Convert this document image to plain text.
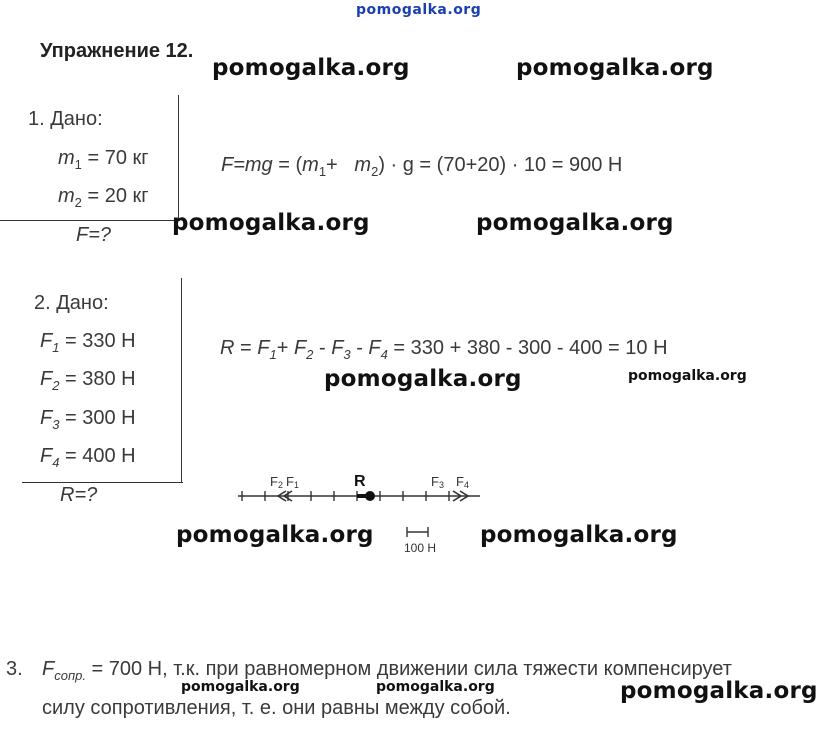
pomogalka.org
Упражнение 12.
1. Дано:
$m_1 = 70$ кг
$m_2 = 20$ кг
F=?
$F=mg = (m_1+ m_2) \cdot g = (70+20) \cdot 10 = 900$ Н
2. Дано:
$F_1 = 330$ Н
$F_2 = 380$ Н
$F_3 = 300$ Н
$F_4 = 400$ Н
R=?
$R = F_1+ F_2 - F_3 - F_4 = 330 + 380 - 300 - 400 = 10$ Н
F2 F1	R	F3 F4
100 Н
3. $F_{сопр.} = 700$ Н, т.к. при равномерном движении сила тяжести компенсирует
силу сопротивления, т. е. они равны между собой.
pomogalka.org	pomogalka.org
pomogalka.org	pomogalka.org
pomogalka.org	pomogalka.org
pomogalka.org	pomogalka.org
pomogalka.org	pomogalka.org	pomogalka.org
